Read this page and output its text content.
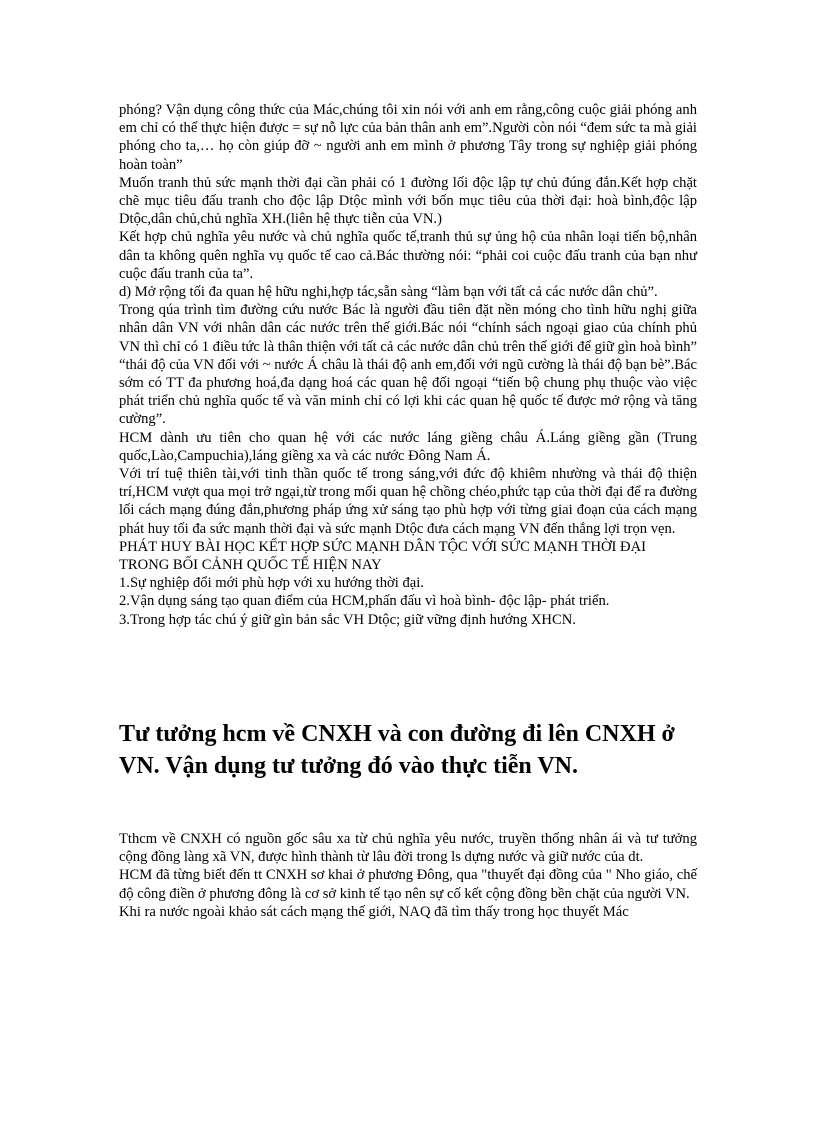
phóng? Vận dụng công thức của Mác,chúng tôi xin nói với anh em rằng,công cuộc giải phóng anh em chỉ có thể thực hiện được = sự nỗ lực của bản thân anh em”.Người còn nói “đem sức ta mà giải phóng cho ta,… họ còn giúp đỡ ~ người anh em mình ở phương Tây trong sự nghiệp giải phóng hoàn toàn”

Muốn tranh thủ sức mạnh thời đại cần phải có 1 đường lối độc lập tự chủ đúng đắn.Kết hợp chặt chẽ mục tiêu đấu tranh cho độc lập Dtộc mình với bốn mục tiêu của thời đại: hoà bình,độc lập Dtộc,dân chủ,chủ nghĩa XH.(liên hệ thực tiễn của VN.)

Kết hợp chủ nghĩa yêu nước và chủ nghĩa quốc tế,tranh thủ sự ủng hộ của nhân loại tiến bộ,nhân dân ta không quên nghĩa vụ quốc tế cao cả.Bác thường nói: “phải coi cuộc đấu tranh của bạn như cuộc đấu tranh của ta”.

d) Mở rộng tối đa quan hệ hữu nghi,hợp tác,sẵn sàng “làm bạn với tất cả các nước dân chủ”.

Trong qúa trình tìm đường cứu nước Bác là người đầu tiên đặt nền móng cho tình hữu nghị giữa nhân dân VN với nhân dân các nước trên thế giới.Bác nói “chính sách ngoại giao của chính phủ VN thì chỉ có 1 điều tức là thân thiện với tất cả các nước dân chủ trên thế giới để giữ gìn hoà bình” “thái độ của VN đối với ~ nước Á châu là thái độ anh em,đối với ngũ cường là thái độ bạn bè”.Bác sớm có TT đa phương hoá,đa dạng hoá các quan hệ đối ngoại “tiến bộ chung phụ thuộc vào việc phát triển chủ nghĩa quốc tế và văn minh chỉ có lợi khi các quan hệ quốc tế được mở rộng và tăng cường”.

HCM dành ưu tiên cho quan hệ với các nước láng giềng châu Á.Láng giềng gần (Trung quốc,Lào,Campuchia),láng giềng xa và các nước Đông Nam Á.

Với trí tuệ thiên tài,với tinh thần quốc tế trong sáng,với đức độ khiêm nhường và thái độ thiện trí,HCM vượt qua mọi trở ngại,từ trong mối quan hệ chồng chéo,phức tạp của thời đại để ra đường lối cách mạng đúng đắn,phương pháp ứng xử sáng tạo phù hợp với từng giai đoạn của cách mạng phát huy tối đa sức mạnh thời đại và sức mạnh Dtộc đưa cách mạng VN đến thắng lợi trọn vẹn.

PHÁT HUY BÀI HỌC KẾT HỢP SỨC MẠNH DÂN TỘC VỚI SỨC MẠNH THỜI ĐẠI TRONG BỐI CẢNH QUỐC TẾ HIỆN NAY

1.Sự nghiệp đổi mới phù hợp với xu hướng thời đại.

2.Vận dụng sáng tạo quan điểm của HCM,phấn đấu vì hoà bình- độc lập- phát triển.

3.Trong hợp tác chú ý giữ gìn bản sắc VH Dtộc; giữ vững định hướng XHCN.

Tư tưởng hcm về CNXH và con đường đi lên CNXH ở VN. Vận dụng tư tưởng đó vào thực tiễn VN.

Tthcm về CNXH có nguồn gốc sâu xa từ chủ nghĩa yêu nước, truyền thống nhân ái và tư tưởng cộng đồng làng xã VN, được hình thành từ lâu đời trong ls dựng nước và giữ nước của dt.

HCM đã từng biết đến tt CNXH sơ khai ở phương Đông, qua "thuyết đại đồng của " Nho giáo, chế độ công điền ở phương đông là cơ sở kinh tế tạo nên sự cố kết cộng đồng bền chặt của người VN.

Khi ra nước ngoài khảo sát cách mạng thế giới, NAQ đã tìm thấy trong học thuyết Mác
